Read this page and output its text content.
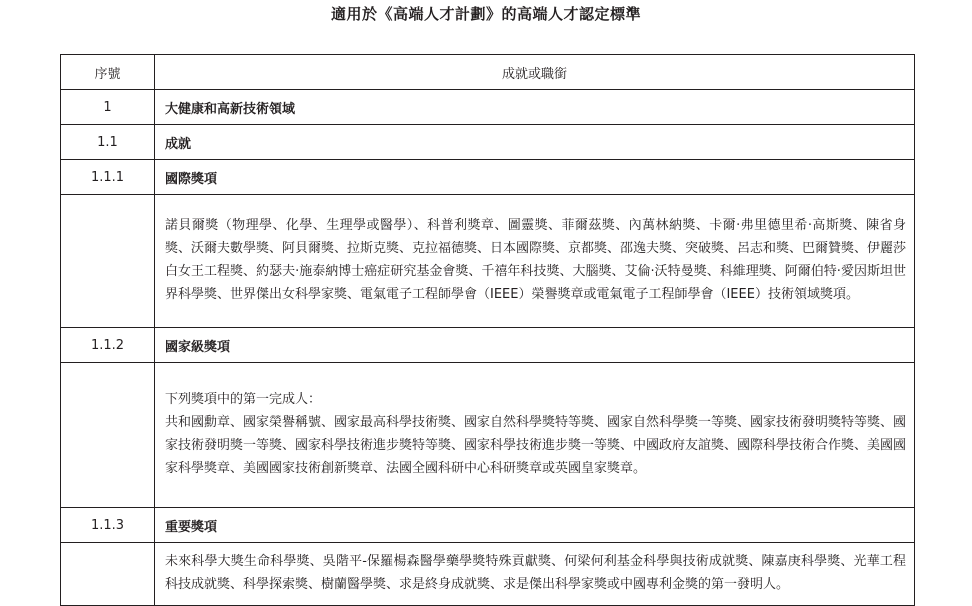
適用於《高端人才計劃》的高端人才認定標準
序號	成就或職銜
1	大健康和高新技術領域
1.1	成就
1.1.1	國際獎項

	諾貝爾獎（物理學、化學、生理學或醫學）、科普利獎章、圖靈獎、菲爾茲獎、內萬林納獎、卡爾·弗里德里希·高斯獎、陳省身獎、沃爾夫數學獎、阿貝爾獎、拉斯克獎、克拉福德獎、日本國際獎、京都獎、邵逸夫獎、突破獎、呂志和獎、巴爾贊獎、伊麗莎白女王工程獎、約瑟夫·施泰納博士癌症研究基金會獎、千禧年科技獎、大腦獎、艾倫·沃特曼獎、科維理獎、阿爾伯特·愛因斯坦世界科學獎、世界傑出女科學家獎、電氣電子工程師學會（IEEE）榮譽獎章或電氣電子工程師學會（IEEE）技術領域獎項。

1.1.2	國家級獎項

	下列獎項中的第一完成人：

共和國勳章、國家榮譽稱號、國家最高科學技術獎、國家自然科學獎特等獎、國家自然科學獎一等獎、國家技術發明獎特等獎、國家技術發明獎一等獎、國家科學技術進步獎特等獎、國家科學技術進步獎一等獎、中國政府友誼獎、國際科學技術合作獎、美國國家科學獎章、美國國家技術創新獎章、法國全國科研中心科研獎章或英國皇家獎章。

1.1.3	重要獎項

	未來科學大獎生命科學獎、吳階平-保羅楊森醫學藥學獎特殊貢獻獎、何梁何利基金科學與技術成就獎、陳嘉庚科學獎、光華工程科技成就獎、科學探索獎、樹蘭醫學獎、求是終身成就獎、求是傑出科學家獎或中國專利金獎的第一發明人。
